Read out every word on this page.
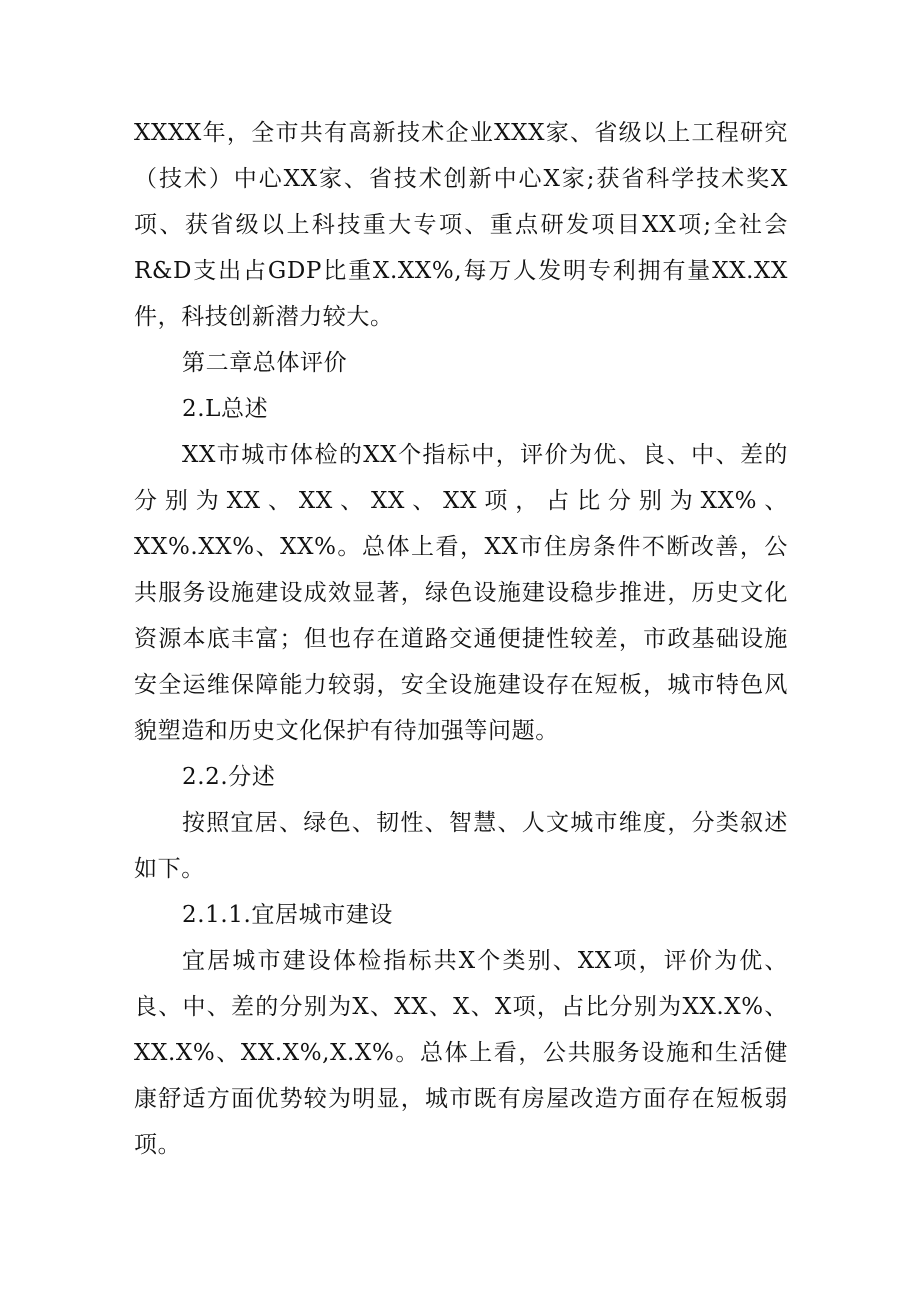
XXXX年，全市共有高新技术企业XXX家、省级以上工程研究（技术）中心XX家、省技术创新中心X家;获省科学技术奖X项、获省级以上科技重大专项、重点研发项目XX项;全社会R&D支出占GDP比重X.XX%,每万人发明专利拥有量XX.XX件，科技创新潜力较大。

第二章总体评价

2.L总述

XX市城市体检的XX个指标中，评价为优、良、中、差的分别为XX、XX、XX、XX项，占比分别为XX%、XX%.XX%、XX%。总体上看，XX市住房条件不断改善，公共服务设施建设成效显著，绿色设施建设稳步推进，历史文化资源本底丰富；但也存在道路交通便捷性较差，市政基础设施安全运维保障能力较弱，安全设施建设存在短板，城市特色风貌塑造和历史文化保护有待加强等问题。

2.2.分述

按照宜居、绿色、韧性、智慧、人文城市维度，分类叙述如下。

2.1.1.宜居城市建设

宜居城市建设体检指标共X个类别、XX项，评价为优、良、中、差的分别为X、XX、X、X项，占比分别为XX.X%、XX.X%、XX.X%,X.X%。总体上看，公共服务设施和生活健康舒适方面优势较为明显，城市既有房屋改造方面存在短板弱项。
